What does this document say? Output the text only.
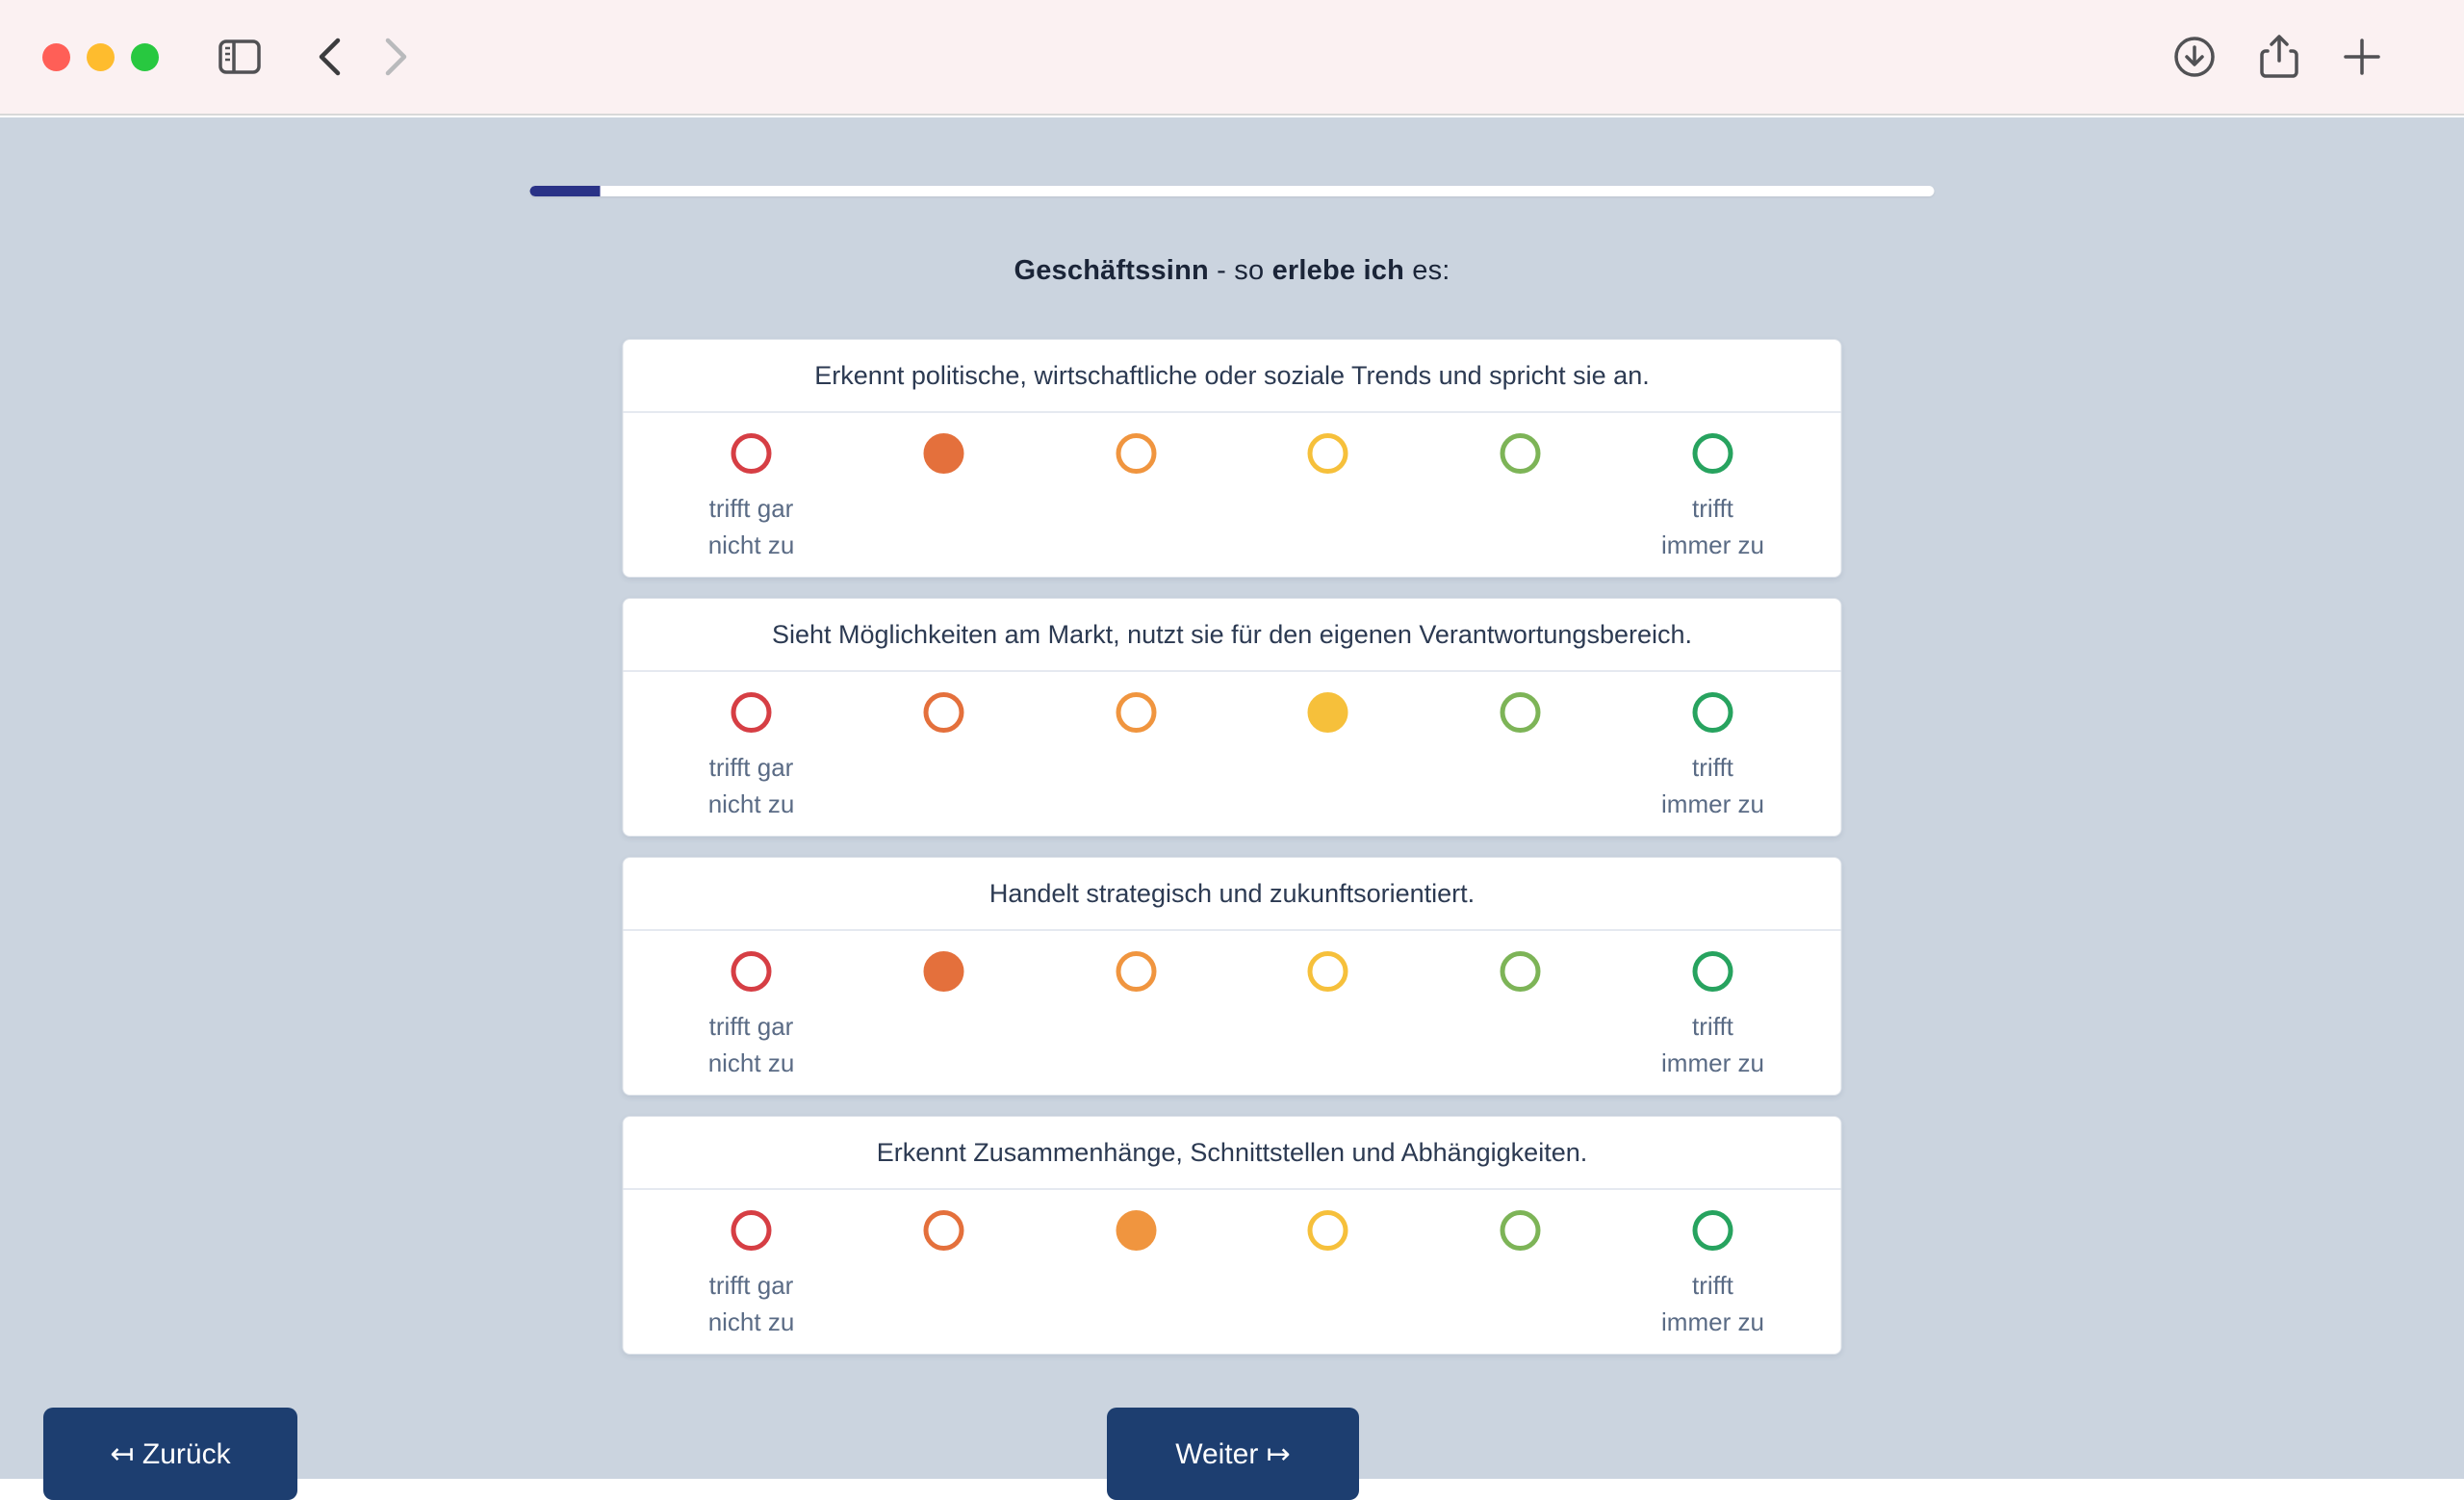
Geschäftssinn - so erlebe ich es:
Erkennt politische, wirtschaftliche oder soziale Trends und spricht sie an.
trifft gar
nicht zu
trifft
immer zu
Sieht Möglichkeiten am Markt, nutzt sie für den eigenen Verantwortungsbereich.
trifft gar
nicht zu
trifft
immer zu
Handelt strategisch und zukunftsorientiert.
trifft gar
nicht zu
trifft
immer zu
Erkennt Zusammenhänge, Schnittstellen und Abhängigkeiten.
trifft gar
nicht zu
trifft
immer zu
↤ Zurück	Weiter ↦
